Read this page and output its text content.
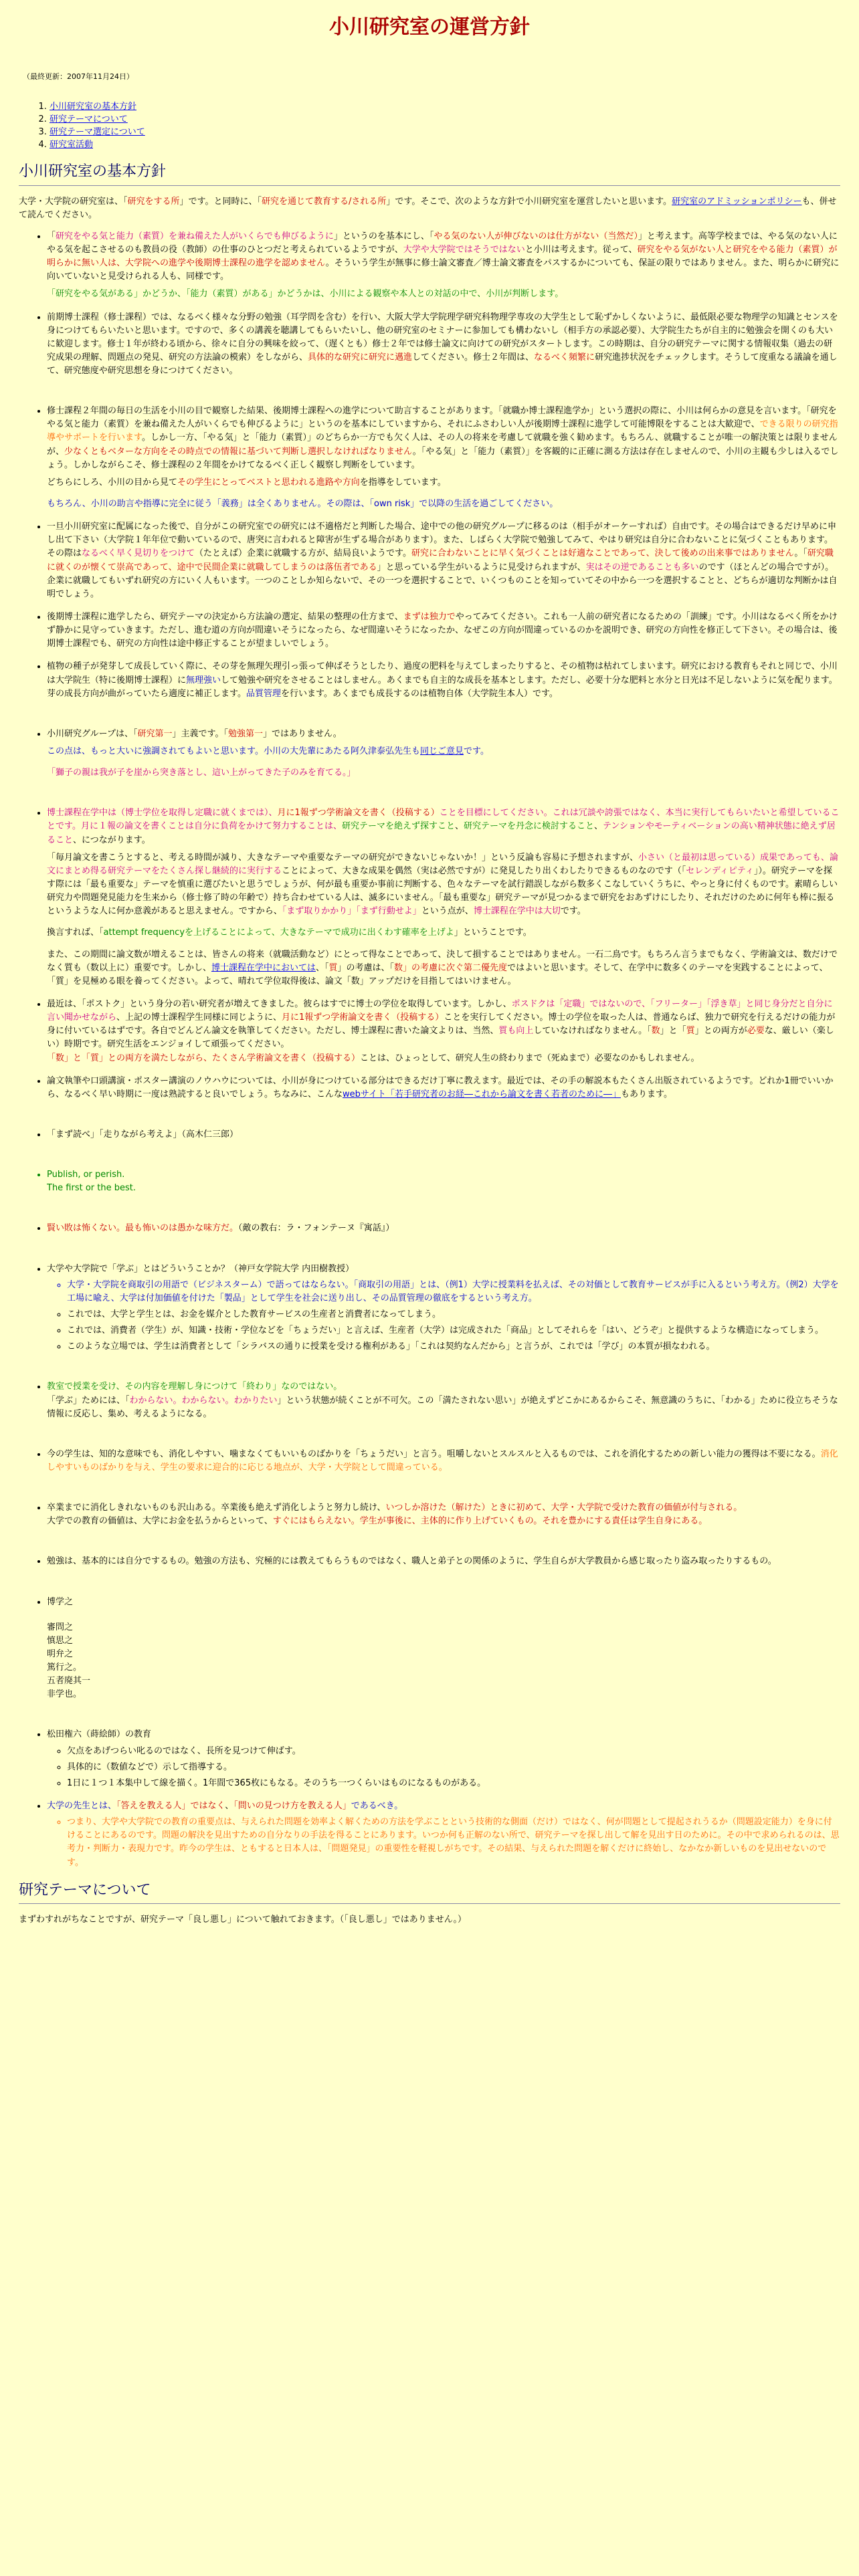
小川研究室の運営方針
（最終更新：2007年11月24日）
1. 小川研究室の基本方針
2. 研究テーマについて
3. 研究テーマ選定について
4. 研究室活動
小川研究室の基本方針

大学・大学院の研究室は、「研究をする所」です。と同時に、「研究を通じて教育する/される所」です。そこで、次のような方針で小川研究室を運営したいと思います。研究室のアドミッションポリシーも、併せて読んでください。

• 「研究をやる気と能力（素質）を兼ね備えた人がいくらでも伸びるように」というのを基本にし、「やる気のない人が伸びないのは仕方がない（当然だ）」と考えます。高等学校までは、やる気のない人にやる気を起こさせるのも教員の役（教師）の仕事のひとつだと考えられているようですが、大学や大学院ではそうではないと小川は考えます。従って、研究をやる気がない人と研究をやる能力（素質）が明らかに無い人は、大学院への進学や後期博士課程の進学を認めません。そういう学生が無事に修士論文審査／博士論文審査をパスするかについても、保証の限りではありません。また、明らかに研究に向いていないと見受けられる人も、同様です。

「研究をやる気がある」かどうか、「能力（素質）がある」かどうかは、小川による観察や本人との対話の中で、小川が判断します。

• 前期博士課程（修士課程）では、なるべく様々な分野の勉強（耳学問を含む）を行い、大阪大学大学院理学研究科物理学専攻の大学生として恥ずかしくないように、最低限必要な物理学の知識とセンスを身につけてもらいたいと思います。ですので、多くの講義を聴講してもらいたいし、他の研究室のセミナーに参加しても構わないし（相手方の承認必要）、大学院生たちが自主的に勉強会を開くのも大いに歓迎します。修士１年が終わる頃から、徐々に自分の興味を絞って、（遅くとも）修士２年では修士論文に向けての研究がスタートします。この時期は、自分の研究テーマに関する情報収集（過去の研究成果の理解、問題点の発見、研究の方法論の模索）をしながら、具体的な研究に研究に邁進してください。修士２年間は、なるべく頻繁に研究進捗状況をチェックします。そうして度重なる議論を通して、研究態度や研究思想を身につけてください。
• 修士課程２年間の毎日の生活を小川の目で観察した結果、後期博士課程への進学について助言することがあります。「就職か博士課程進学か」という選択の際に、小川は何らかの意見を言います。「研究をやる気と能力（素質）を兼ね備えた人がいくらでも伸びるように」というのを基本にしていますから、それにふさわしい人が後期博士課程に進学して可能博限をすることは大歓迎で、できる限りの研究指導やサポートを行います。しかし一方、「やる気」と「能力（素質）」のどちらか一方でも欠く人は、その人の将来を考慮して就職を強く勧めます。もちろん、就職することが唯一の解決策とは限りませんが、少なくともベターな方向をその時点での情報に基づいて判断し選択しなければなりません。「やる気」と「能力（素質）」を客観的に正確に測る方法は存在しませんので、小川の主観も少しは入るでしょう。しかしながらこそ、修士課程の２年間をかけてなるべく正しく観察し判断をしています。

どちらにしろ、小川の目から見てその学生にとってベストと思われる進路や方向を指導をしています。

もちろん、小川の助言や指導に完全に従う「義務」は全くありません。その際は、「own risk」で以降の生活を過ごしてください。

• 一旦小川研究室に配属になった後で、自分がこの研究室での研究には不適格だと判断した場合、途中での他の研究グループに移るのは（相手がオーケーすれば）自由です。その場合はできるだけ早めに申し出て下さい（大学院１年年位で動いているので、唐突に言われると障害が生ずる場合があります）。また、しばらく大学院で勉強してみて、やはり研究は自分に合わないことに気づくこともあります。その際はなるべく早く見切りをつけて（たとえば）企業に就職する方が、結局良いようです。研究に合わないことに早く気づくことは好適なことであって、決して後めの出来事ではありません。「研究職に就くのが懐くて崇高であって、途中で民間企業に就職してしまうのは落伍者である」と思っている学生がいるように見受けられますが、実はその逆であることも多いのです（ほとんどの場合ですが）。企業に就職してもいずれ研究の方にいく人もいます。一つのことしか知らないで、その一つを選択することで、いくつものことを知っていてその中から一つを選択することと、どちらが適切な判断かは自明でしょう。
• 後期博士課程に進学したら、研究テーマの決定から方法論の選定、結果の整理の仕方まで、まずは独力でやってみてください。これも一人前の研究者になるための「訓練」です。小川はなるべく所をかけず静かに見守っていきます。ただし、進む道の方向が間違いそうになったら、なぜ間違いそうになったか、なぜこの方向が間違っているのかを説明でき、研究の方向性を修正して下さい。その場合は、後期博士課程でも、研究の方向性は途中修正することが望ましいでしょう。
• 植物の種子が発芽して成長していく際に、その芽を無理矢理引っ張って伸ばそうとしたり、過度の肥料を与えてしまったりすると、その植物は枯れてしまいます。研究における教育もそれと同じで、小川は大学院生（特に後期博士課程）に無理強いして勉強や研究をさせることはしません。あくまでも自主的な成長を基本とします。ただし、必要十分な肥料と水分と日光は不足しないように気を配ります。芽の成長方向が曲がっていたら適度に補正します。品質管理を行います。あくまでも成長するのは植物自体（大学院生本人）です。
• 小川研究グループは、「研究第一」主義です。「勉強第一」ではありません。

この点は、もっと大いに強調されてもよいと思います。小川の大先輩にあたる阿久津泰弘先生も同じご意見です。

「獅子の親は我が子を崖から突き落とし、這い上がってきた子のみを育てる。」

• 博士課程在学中は（博士学位を取得し定職に就くまでは）、月に1報ずつ学術論文を書く（投稿する）ことを目標にしてください。これは冗談や誇張ではなく、本当に実行してもらいたいと希望していることです。月に１報の論文を書くことは自分に負荷をかけて努力することは、研究テーマを絶えず探すこと、研究テーマを丹念に検討すること、テンションやモーティベーションの高い精神状態に絶えず居ること、につながります。

「毎月論文を書こうとすると、考える時間が減り、大きなテーマや重要なテーマの研究ができないじゃないか！」という反論も容易に予想されますが、小さい（と最初は思っている）成果であっても、論文にまとめ得る研究テーマをたくさん探し継続的に実行することによって、大きな成果を偶然（実は必然ですが）に発見したり出くわしたりできるものなのです（「セレンディピティ」）。研究テーマを探す際には「最も重要な」テーマを慎重に選びたいと思うでしょうが、何が最も重要か事前に判断する、色々なテーマを試行錯誤しながら数多くこなしていくうちに、やっと身に付くものです。素晴らしい研究力や問題発見能力を生来から（修士修了時の年齢で）持ち合わせている人は、滅多にいません。「最も重要な」研究テーマが見つかるまで研究をおあずけにしたり、それだけのために何年も棒に振るというような人に何か意義があると思えません。ですから、「まず取りかかり」「まず行動せよ」という点が、博士課程在学中は大切です。

換言すれば、「attempt frequencyを上げることによって、大きなテーマで成功に出くわす確率を上げよ」ということです。

また、この期間に論文数が増えることは、皆さんの将来（就職活動など）にとって得なことであって、決して損することではありません。一石二鳥です。もちろん言うまでもなく、学術論文は、数だけでなく質も（数以上に）重要です。しかし、博士課程在学中においては、「質」の考慮は、「数」の考慮に次ぐ第二優先度ではよいと思います。そして、在学中に数多くのテーマを実践することによって、「質」を見極める眼を養ってください。よって、晴れて学位取得後は、論文「数」アップだけを目指してはいけません。

• 最近は、「ポストク」という身分の若い研究者が増えてきました。彼らはすでに博士の学位を取得しています。しかし、ポスドクは「定職」ではないので、「フリーター」「浮き草」と同じ身分だと自分に言い聞かせながら、上記の博士課程学生同様に同じように、月に1報ずつ学術論文を書く（投稿する）ことを実行してください。博士の学位を取った人は、普通ならば、独力で研究を行えるだけの能力が身に付いているはずです。各自でどんどん論文を執筆してください。ただし、博士課程に書いた論文よりは、当然、質も向上していなければなりません。「数」と「質」との両方が必要な、厳しい（楽しい）時期です。研究生活をエンジョイして頑張ってください。
「数」と「質」との両方を満たしながら、たくさん学術論文を書く（投稿する）ことは、ひょっとして、研究人生の終わりまで（死ぬまで）必要なのかもしれません。
• 論文執筆や口頭講演・ポスター講演のノウハウについては、小川が身につけている部分はできるだけ丁寧に教えます。最近では、その手の解説本もたくさん出版されているようです。どれか1冊でいいから、なるべく早い時期に一度は熟読すると良いでしょう。ちなみに、こんなwebサイト「若手研究者のお経―これから論文を書く若者のために―」もあります。
• 「まず読べ」「走りながら考えよ」（高木仁三郎）
• Publish, or perish.
The first or the best.
• 賢い敗は怖くない。最も怖いのは愚かな味方だ。（敵の教右：ラ・フォンテーヌ『寓話』）
• 大学や大学院で「学ぶ」とはどういうことか？（神戸女学院大学 内田樹教授）
◦ 大学・大学院を商取引の用語で（ビジネスターム）で語ってはならない。「商取引の用語」とは、（例1）大学に授業料を払えば、その対価として教育サービスが手に入るという考え方。（例2）大学を工場に喩え、大学は付加価値を付けた「製品」として学生を社会に送り出し、その品質管理の徹底をするという考え方。
◦ これでは、大学と学生とは、お金を媒介とした教育サービスの生産者と消費者になってしまう。
◦ これでは、消費者（学生）が、知識・技術・学位などを「ちょうだい」と言えば、生産者（大学）は完成された「商品」としてそれらを「はい、どうぞ」と提供するような構造になってしまう。
◦ このような立場では、学生は消費者として「シラバスの通りに授業を受ける権利がある」「これは契約なんだから」と言うが、これでは「学び」の本質が損なわれる。
• 教室で授業を受け、その内容を理解し身につけて「終わり」なのではない。
「学ぶ」ためには、「わからない。わからない。わかりたい」という状態が続くことが不可欠。この「満たされない思い」が絶えずどこかにあるからこそ、無意識のうちに、「わかる」ために役立ちそうな情報に反応し、集め、考えるようになる。
• 今の学生は、知的な意味でも、消化しやすい、噛まなくてもいいものばかりを「ちょうだい」と言う。咀嚼しないとスルスルと入るものでは、これを消化するための新しい能力の獲得は不要になる。消化しやすいものばかりを与え、学生の要求に迎合的に応じる地点が、大学・大学院として間違っている。
• 卒業までに消化しきれないものも沢山ある。卒業後も絶えず消化しようと努力し続け、いつしか溶けた（解けた）ときに初めて、大学・大学院で受けた教育の価値が付与される。
大学での教育の価値は、大学にお金を払うからといって、すぐにはもらえない。学生が事後に、主体的に作り上げていくもの。それを豊かにする責任は学生自身にある。
• 勉強は、基本的には自分でするもの。勉強の方法も、究極的には教えてもらうものではなく、職人と弟子との関係のように、学生自らが大学教員から感じ取ったり盗み取ったりするもの。
• 博学之
審問之
慎思之
明弁之
篤行之。
五者廃其一
非学也。
• 松田権六（蒔絵師）の教育
◦ 欠点をあげつらい叱るのではなく、長所を見つけて伸ばす。
◦ 具体的に（数値などで）示して指導する。
◦ 1日に１つ１本集中して線を描く。1年間で365枚にもなる。そのうち一つくらいはものになるものがある。
• 大学の先生とは、「答えを教える人」ではなく、「問いの見つけ方を教える人」であるべき。
◦ つまり、大学や大学院での教育の重要点は、与えられた問題を効率よく解くための方法を学ぶことという技術的な側面（だけ）ではなく、何が問題として提起されうるか（問題設定能力）を身に付けることにあるのです。問題の解決を見出すための自分なりの手法を得ることにあります。いつか何も正解のない所で、研究テーマを探し出して解を見出す日のために。その中で求められるのは、思考力・判断力・表現力です。昨今の学生は、ともすると日本人は、「問題発見」の重要性を軽視しがちです。その結果、与えられた問題を解くだけに終始し、なかなか新しいものを見出せないのです。
研究テーマについて

まずわすれがちなことですが、研究テーマ「良し悪し」について触れておきます。（「良し悪し」ではありません。）
